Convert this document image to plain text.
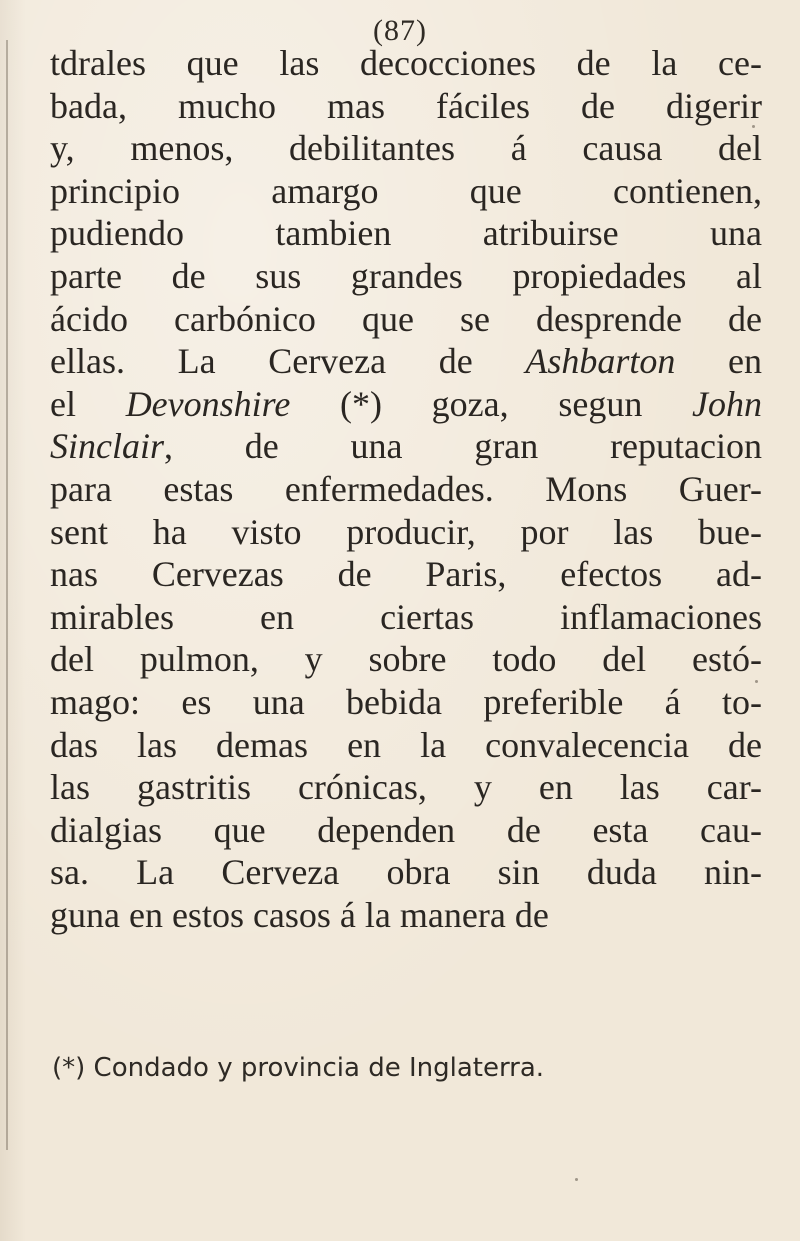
(87)
tdrales que las decocciones de la ce-
bada, mucho mas fáciles de digerir
y, menos, debilitantes á causa del
principio amargo que contienen,
pudiendo tambien atribuirse una
parte de sus grandes propiedades al
ácido carbónico que se desprende de
ellas. La Cerveza de Ashbarton en
el Devonshire (*) goza, segun John
Sinclair, de una gran reputacion
para estas enfermedades. Mons Guer-
sent ha visto producir, por las bue-
nas Cervezas de Paris, efectos ad-
mirables en ciertas inflamaciones
del pulmon, y sobre todo del estó-
mago: es una bebida preferible á to-
das las demas en la convalecencia de
las gastritis crónicas, y en las car-
dialgias que dependen de esta cau-
sa. La Cerveza obra sin duda nin-
guna en estos casos á la manera de
(*) Condado y provincia de Inglaterra.
